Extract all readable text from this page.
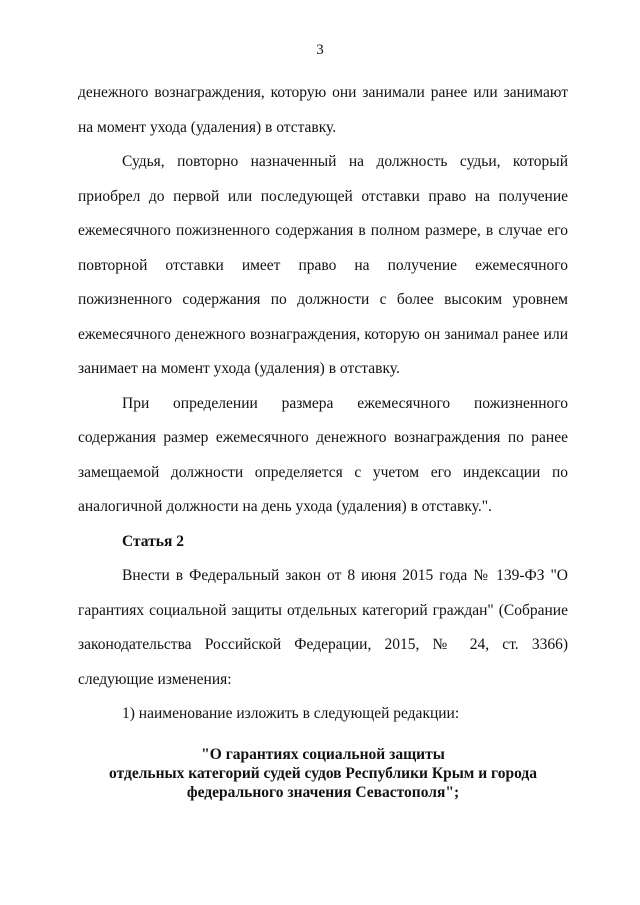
3

денежного вознаграждения, которую они занимали ранее или занимают на момент ухода (удаления) в отставку.

Судья, повторно назначенный на должность судьи, который приобрел до первой или последующей отставки право на получение ежемесячного пожизненного содержания в полном размере, в случае его повторной отставки имеет право на получение ежемесячного пожизненного содержания по должности с более высоким уровнем ежемесячного денежного вознаграждения, которую он занимал ранее или занимает на момент ухода (удаления) в отставку.

При определении размера ежемесячного пожизненного содержания размер ежемесячного денежного вознаграждения по ранее замещаемой должности определяется с учетом его индексации по аналогичной должности на день ухода (удаления) в отставку.".

Статья 2

Внести в Федеральный закон от 8 июня 2015 года № 139-ФЗ "О гарантиях социальной защиты отдельных категорий граждан" (Собрание законодательства Российской Федерации, 2015, № 24, ст. 3366) следующие изменения:

1) наименование изложить в следующей редакции:

"О гарантиях социальной защиты
отдельных категорий судей судов Республики Крым и города
федерального значения Севастополя";
